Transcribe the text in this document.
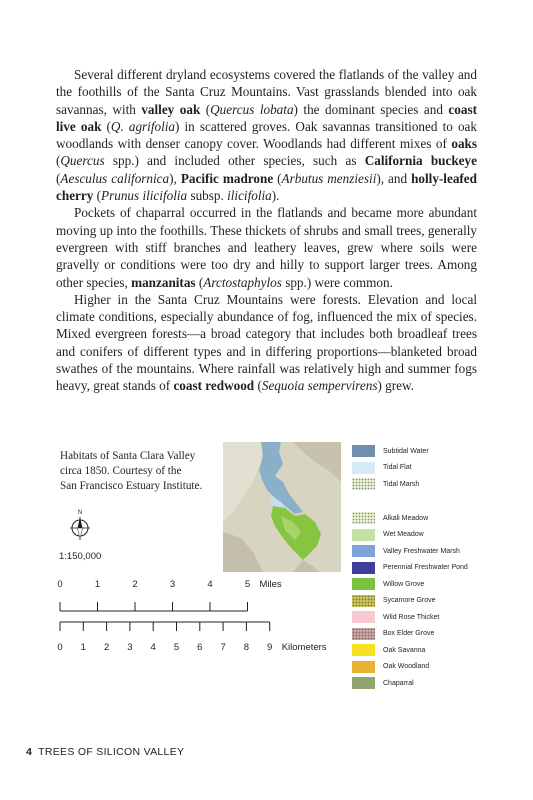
Several different dryland ecosystems covered the flatlands of the valley and the foothills of the Santa Cruz Mountains. Vast grasslands blended into oak savannas, with valley oak (Quercus lobata) the dominant species and coast live oak (Q. agrifolia) in scattered groves. Oak savannas transitioned to oak woodlands with denser canopy cover. Woodlands had different mixes of oaks (Quercus spp.) and included other species, such as California buckeye (Aesculus californica), Pacific madrone (Arbutus menziesii), and holly-leafed cherry (Prunus ilicifolia subsp. ilicifolia).

Pockets of chaparral occurred in the flatlands and became more abundant moving up into the foothills. These thickets of shrubs and small trees, generally evergreen with stiff branches and leathery leaves, grew where soils were gravelly or conditions were too dry and hilly to support larger trees. Among other species, manzanitas (Arctostaphylos spp.) were common.

Higher in the Santa Cruz Mountains were forests. Elevation and local climate conditions, especially abundance of fog, influenced the mix of species. Mixed evergreen forests—a broad category that includes both broadleaf trees and conifers of different types and in differing proportions—blanketed broad swathes of the mountains. Where rainfall was relatively high and summer fogs heavy, great stands of coast redwood (Sequoia sempervirens) grew.

Habitats of Santa Clara Valley
circa 1850. Courtesy of the
San Francisco Estuary Institute.
N
1:150,000
0	1	2	3	4	5 Miles
0 1 2 3 4 5 6 7 8 9 Kilometers
Subtidal Water
Tidal Flat
Tidal Marsh
Alkali Meadow
Wet Meadow
Valley Freshwater Marsh
Perennial Freshwater Pond
Willow Grove
Sycamore Grove
Wild Rose Thicket
Box Elder Grove
Oak Savanna
Oak Woodland
Chaparral
4 TREES OF SILICON VALLEY
